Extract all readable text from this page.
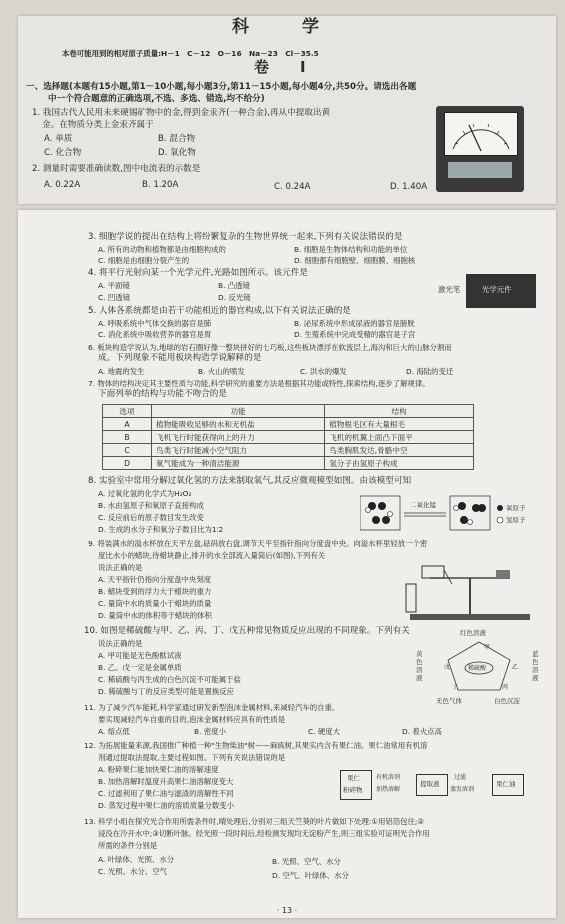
科　学
本卷可能用到的相对原子质量:H－1　C－12　O－16　Na－23　Cl－35.5
卷　Ⅰ
一、选择题(本题有15小题,第1－10小题,每小题3分,第11－15小题,每小题4分,共50分。请选出各题
中一个符合题意的正确选项,不选、多选、错选,均不给分)
1. 我国古代人民用未来硬锡矿物中的金,得到金汞齐(一种合金),再从中提取出黄
金。在物质分类上金汞齐属于
A. 单质	B. 混合物
C. 化合物	D. 氧化物
2. 测量时需要准确读数,图中电流表的示数是
A. 0.22A	B. 1.20A	C. 0.24A	D. 1.40A
3. 细胞学说的提出在结构上将纷繁复杂的生物世界统一起来,下列有关说法错误的是
A. 所有的动物和植物都是由细胞构成的	B. 细胞是生物体结构和功能的单位
C. 细胞是由细胞分裂产生的	D. 细胞都有细胞壁、细胞膜、细胞核
4. 将平行光射向某一个光学元件,光路如图所示。该元件是
A. 平面镜	B. 凸透镜
C. 凹透镜	D. 反光镜
激光笔	光学元件
5. 人体各系统都是由若干功能相近的器官构成,以下有关说法正确的是
A. 呼吸系统中气体交换的器官是肺	B. 泌尿系统中形成尿液的器官是膀胱
C. 消化系统中吸收营养的器官是胃	D. 生殖系统中完成受精的器官是子宫
6. 板块构造学说认为,地球的岩石圈好像一整块拼好的七巧板,这些板块漂浮在软流层上,海沟和巨大的山脉分割而
成。下列现象不能用板块构造学说解释的是
A. 地震的发生	B. 火山的喷发	C. 洪水的爆发	D. 海陆的变迁
7. 物体的结构决定其主要性质与功能,科学研究的重要方法是根据其功能或特性,探索结构,逐步了解规律。
下面列举的结构与功能不吻合的是
选项	功能	结构
A	植物能吸收足够的水和无机盐	植物根毛区有大量根毛
B	飞机飞行时能获得向上的升力	飞机的机翼上面凸下面平
C	鸟类飞行时能减小空气阻力	鸟类胸肌发达,骨骼中空
D	氧气能成为一种清洁能源	氢分子由氢原子构成
8. 实验室中常用分解过氧化氢的方法来制取氧气,其反应微观模型如图。由该模型可知
A. 过氧化氢的化学式为H₂O₂
B. 水由氢原子和氧原子直接构成
C. 反应前后的原子数目发生改变
D. 生成的水分子和氧分子数目比为1∶2
二氧化锰	氧原子
氢原子
9. 将装满水的溢水杯放在天平左盘,砝码放右盘,调节天平至指针指向分度盘中央。向溢水杯里轻放一个密
度比水小的蜡块,待蜡块静止,排开的水全部流入量筒后(如图),下列有关
说法正确的是
A. 天平指针仍指向分度盘中央刻度
B. 蜡块受到的浮力大于蜡块的重力
C. 量筒中水的质量小于蜡块的质量
D. 量筒中水的体积等于蜡块的体积
10. 如图是稀硫酸与甲、乙、丙、丁、戊五种常见物质反应出现的不同现象。下列有关
说法正确的是
A. 甲可能是无色酚酞试液
B. 乙、戊一定是金属单质
C. 稀硫酸与丙生成的白色沉淀不可能属于盐
D. 稀硫酸与丁的反应类型可能是置换反应
红色溶液
黄色溶液
蓝色溶液
稀硫酸
无色气体	白色沉淀
甲
乙
丙
丁
戊
11. 为了减少汽车能耗,科学家通过研发新型泡沫金属材料,来减轻汽车的自重。
要实现减轻汽车自重的目的,泡沫金属材料应具有的性质是
A. 熔点低	B. 密度小	C. 硬度大	D. 着火点高
12. 为拓展能量来源,我国推广种植一种"生物柴油"树——麻疯树,其果实内含有果仁油。果仁油常用有机溶
剂通过提取法提取,主要过程如图。下列有关说法错误的是
A. 粉碎果仁能加快果仁油的溶解速度
B. 加热溶解时温度升高果仁油溶解度变大
C. 过滤利用了果仁油与滤渣的溶解性不同
D. 蒸发过程中果仁油的溶质质量分数变小
果仁
粉碎物
有机溶剂
加热溶解
提取液
过滤
蒸发溶剂
果仁油
13. 科学小组在探究光合作用所需条件时,晴处理后,分别对三组天竺葵的叶片做如下处理:①用铝箔包住;②
浸没在冷开水中;③切断叶脉。经光照一段时间后,经检测发现均无淀粉产生,则三组实验可证明光合作用
所需的条件分别是
A. 叶绿体、光照、水分	B. 光照、空气、水分
C. 光照、水分、空气	D. 空气、叶绿体、水分
· 13 ·
